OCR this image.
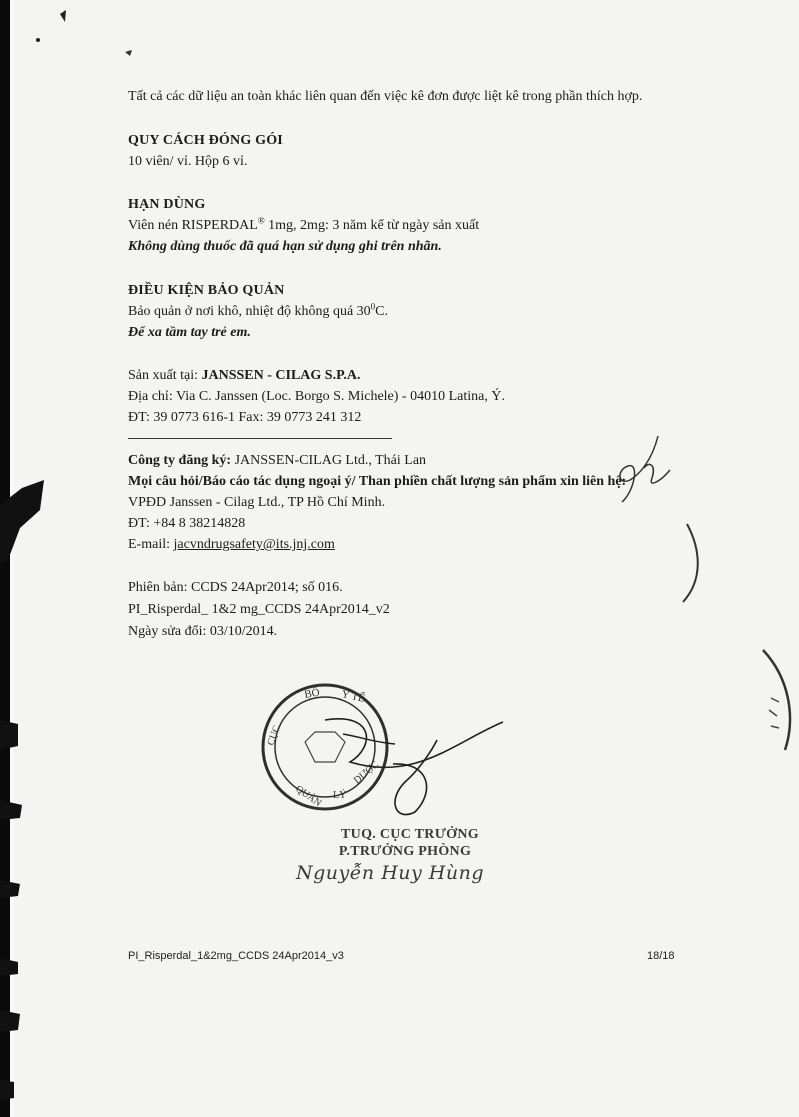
Tất cả các dữ liệu an toàn khác liên quan đến việc kê đơn được liệt kê trong phần thích hợp.

QUY CÁCH ĐÓNG GÓI

10 viên/ vỉ. Hộp 6 vỉ.

HẠN DÙNG

Viên nén RISPERDAL® 1mg, 2mg: 3 năm kể từ ngày sản xuất

Không dùng thuốc đã quá hạn sử dụng ghi trên nhãn.

ĐIỀU KIỆN BẢO QUẢN

Bảo quản ở nơi khô, nhiệt độ không quá $30^0C$.

Để xa tầm tay trẻ em.

Sản xuất tại: JANSSEN - CILAG S.P.A.

Địa chỉ: Via C. Janssen (Loc. Borgo S. Michele) - 04010 Latina, Ý.

ĐT: 39 0773 616-1 Fax: 39 0773 241 312

Công ty đăng ký: JANSSEN-CILAG Ltd., Thái Lan

Mọi câu hỏi/Báo cáo tác dụng ngoại ý/ Than phiền chất lượng sản phẩm xin liên hệ:

VPĐD Janssen - Cilag Ltd., TP Hồ Chí Minh.

ĐT: +84 8 38214828

E-mail: jacvndrugsafety@its.jnj.com

Phiên bản: CCDS 24Apr2014; số 016.

PI_Risperdal_ 1&2 mg_CCDS 24Apr2014_v2

Ngày sửa đổi: 03/10/2014.

BỘ Y TẾ
CỤC
QUẢN LÝ
DƯỢC
TUQ. CỤC TRƯỞNG
P.TRƯỞNG PHÒNG
Nguyễn Huy Hùng
PI_Risperdal_1&2mg_CCDS 24Apr2014_v3	18/18
